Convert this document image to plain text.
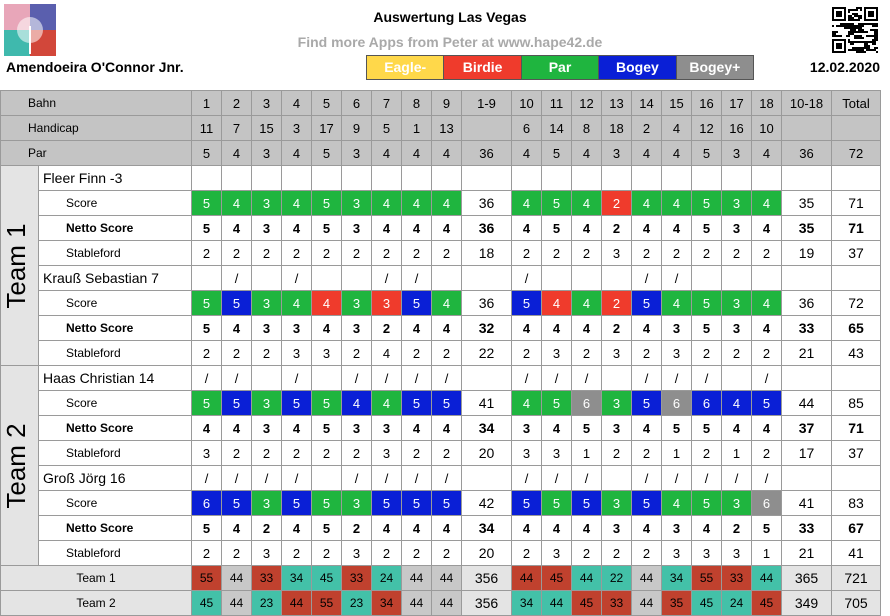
Auswertung Las Vegas
Find more Apps from Peter at www.hape42.de
Amendoeira O'Connor Jnr.	12.02.2020
Eagle-	Birdie	Par	Bogey	Bogey+
Bahn		1	2	3	4	5	6	7	8	9	1-9	10	11	12	13	14	15	16	17	18	10-18	Total
Handicap		11	7	15	3	17	9	5	1	13		6	14	8	18	2	4	12	16	10		
Par		5	4	3	4	5	3	4	4	4	36	4	5	4	3	4	4	5	3	4	36	72

Team 1	Fleer Finn -3																					
	Score	5	4	3	4	5	3	4	4	4	36	4	5	4	2	4	4	5	3	4	35	71
	Netto Score	5	4	3	4	5	3	4	4	4	36	4	5	4	2	4	4	5	3	4	35	71
	Stableford	2	2	2	2	2	2	2	2	2	18	2	2	2	3	2	2	2	2	2	19	37
	Krauß Sebastian 7		/		/			/	/			/				/	/					
	Score	5	5	3	4	4	3	3	5	4	36	5	4	4	2	5	4	5	3	4	36	72
	Netto Score	5	4	3	3	4	3	2	4	4	32	4	4	4	2	4	3	5	3	4	33	65
	Stableford	2	2	2	3	3	2	4	2	2	22	2	3	2	3	2	3	2	2	2	21	43

Team 2	Haas Christian 14	/	/		/		/	/	/	/		/	/	/		/	/	/		/		
	Score	5	5	3	5	5	4	4	5	5	41	4	5	6	3	5	6	6	4	5	44	85
	Netto Score	4	4	3	4	5	3	3	4	4	34	3	4	5	3	4	5	5	4	4	37	71
	Stableford	3	2	2	2	2	2	3	2	2	20	3	3	1	2	2	1	2	1	2	17	37
	Groß Jörg 16	/	/	/	/		/	/	/	/		/	/	/		/	/	/	/	/		
	Score	6	5	3	5	5	3	5	5	5	42	5	5	5	3	5	4	5	3	6	41	83
	Netto Score	5	4	2	4	5	2	4	4	4	34	4	4	4	3	4	3	4	2	5	33	67
	Stableford	2	2	3	2	2	3	2	2	2	20	2	3	2	2	2	3	3	3	1	21	41
Team 1		55	44	33	34	45	33	24	44	44	356	44	45	44	22	44	34	55	33	44	365	721
Team 2		45	44	23	44	55	23	34	44	44	356	34	44	45	33	44	35	45	24	45	349	705
